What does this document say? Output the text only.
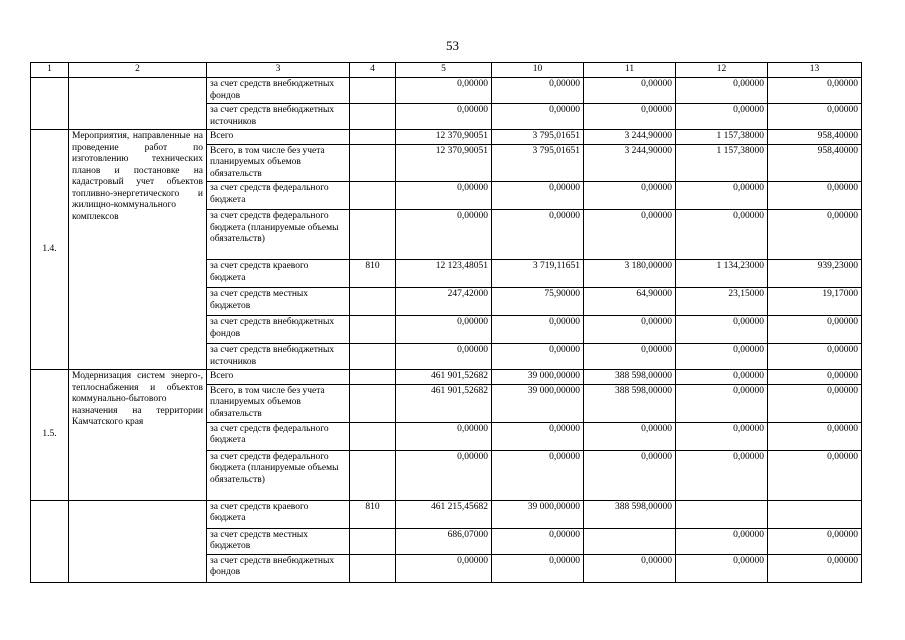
53
1	2	3	4	5	10	11	12	13
		за счет средств внебюджетных фондов		0,00000	0,00000	0,00000	0,00000	0,00000
		за счет средств внебюджетных источников		0,00000	0,00000	0,00000	0,00000	0,00000
1.4.	Мероприятия, направленные на проведение работ по изготовлению технических планов и постановке на кадастровый учет объектов топливно-энергетического и жилищно-коммунального комплексов	Всего		12 370,90051	3 795,01651	3 244,90000	1 157,38000	958,40000
		Всего, в том числе без учета планируемых объемов обязательств		12 370,90051	3 795,01651	3 244,90000	1 157,38000	958,40000
		за счет средств федерального бюджета		0,00000	0,00000	0,00000	0,00000	0,00000
		за счет средств федерального бюджета (планируемые объемы обязательств)		0,00000	0,00000	0,00000	0,00000	0,00000
		за счет средств краевого бюджета	810	12 123,48051	3 719,11651	3 180,00000	1 134,23000	939,23000
		за счет средств местных бюджетов		247,42000	75,90000	64,90000	23,15000	19,17000
		за счет средств внебюджетных фондов		0,00000	0,00000	0,00000	0,00000	0,00000
		за счет средств внебюджетных источников		0,00000	0,00000	0,00000	0,00000	0,00000
1.5.	Модернизация систем энерго-, теплоснабжения и объектов коммунально-бытового назначения на территории Камчатского края	Всего		461 901,52682	39 000,00000	388 598,00000	0,00000	0,00000
		Всего, в том числе без учета планируемых объемов обязательств		461 901,52682	39 000,00000	388 598,00000	0,00000	0,00000
		за счет средств федерального бюджета		0,00000	0,00000	0,00000	0,00000	0,00000
		за счет средств федерального бюджета (планируемые объемы обязательств)		0,00000	0,00000	0,00000	0,00000	0,00000
		за счет средств краевого бюджета	810	461 215,45682	39 000,00000	388 598,00000		
		за счет средств местных бюджетов		686,07000	0,00000		0,00000	0,00000
		за счет средств внебюджетных фондов		0,00000	0,00000	0,00000	0,00000	0,00000
